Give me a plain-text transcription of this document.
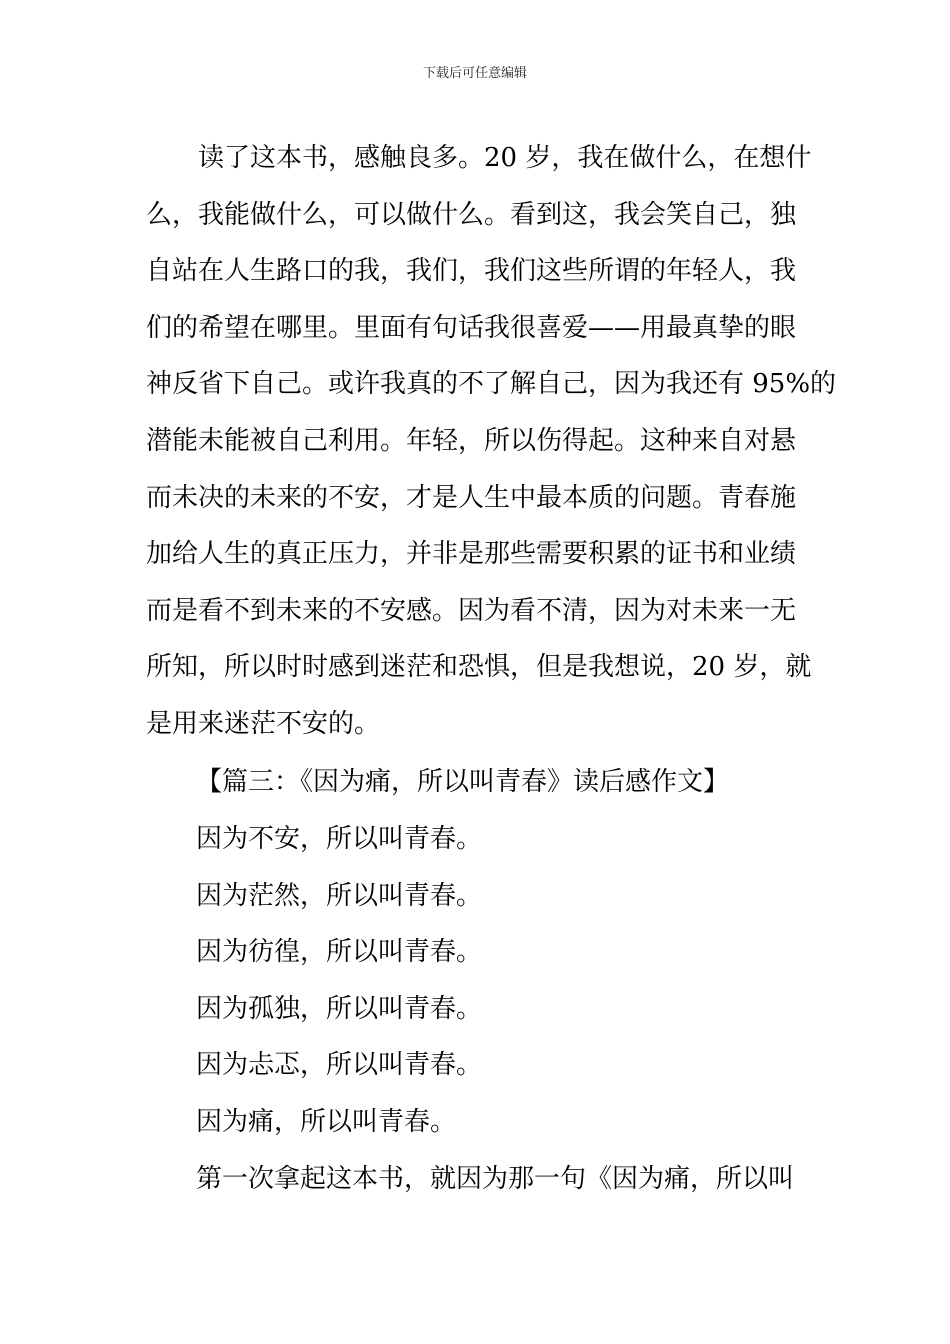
下载后可任意编辑
读了这本书，感触良多。20 岁，我在做什么，在想什
么，我能做什么，可以做什么。看到这，我会笑自己，独
自站在人生路口的我，我们，我们这些所谓的年轻人，我
们的希望在哪里。里面有句话我很喜爱——用最真挚的眼
神反省下自己。或许我真的不了解自己，因为我还有 95%的
潜能未能被自己利用。年轻，所以伤得起。这种来自对悬
而未决的未来的不安，才是人生中最本质的问题。青春施
加给人生的真正压力，并非是那些需要积累的证书和业绩
而是看不到未来的不安感。因为看不清，因为对未来一无
所知，所以时时感到迷茫和恐惧，但是我想说，20 岁，就
是用来迷茫不安的。
【篇三：《因为痛，所以叫青春》读后感作文】
因为不安，所以叫青春。
因为茫然，所以叫青春。
因为彷徨，所以叫青春。
因为孤独，所以叫青春。
因为忐忑，所以叫青春。
因为痛，所以叫青春。

第一次拿起这本书，就因为那一句《因为痛，所以叫
